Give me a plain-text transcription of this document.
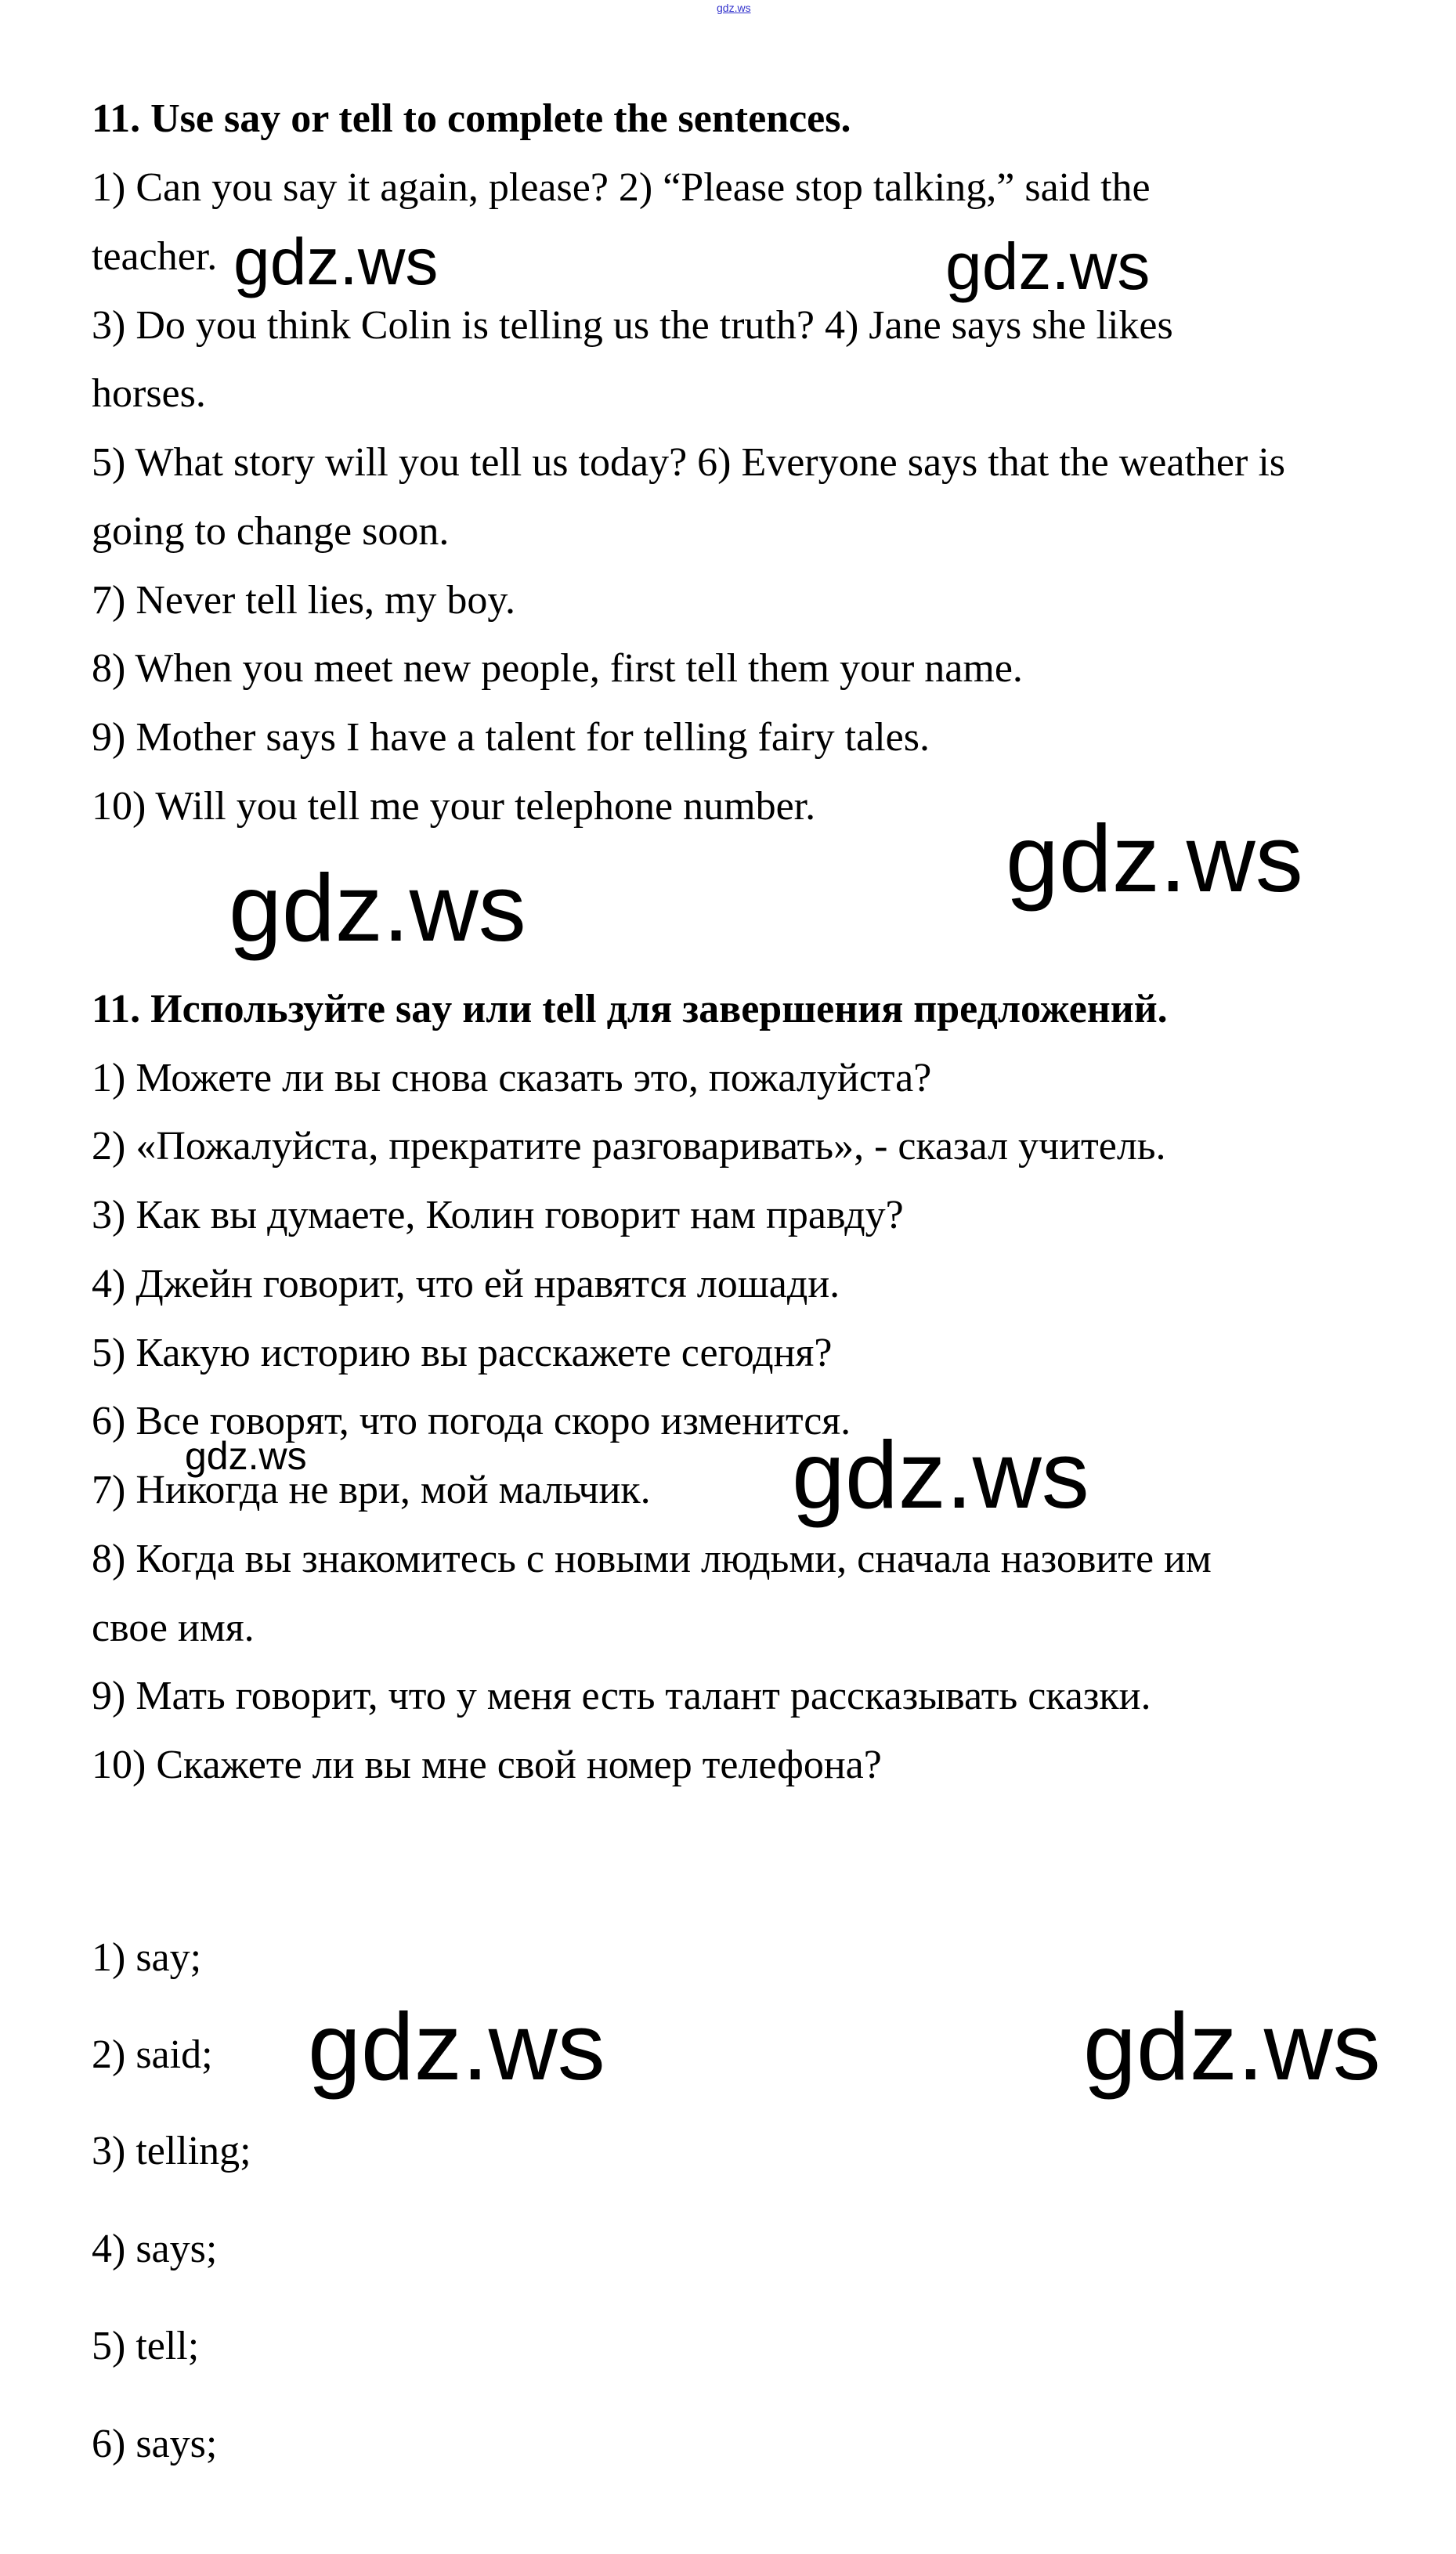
gdz.ws

11. Use say or tell to complete the sentences.

1) Can you say it again, please? 2) “Please stop talking,” said the

teacher.

3) Do you think Colin is telling us the truth? 4) Jane says she likes

horses.

5) What story will you tell us today? 6) Everyone says that the weather is

going to change soon.

7) Never tell lies, my boy.

8) When you meet new people, first tell them your name.

9) Mother says I have a talent for telling fairy tales.

10) Will you tell me your telephone number.

11. Используйте say или tell для завершения предложений.

1) Можете ли вы снова сказать это, пожалуйста?

2) «Пожалуйста, прекратите разговаривать», - сказал учитель.

3) Как вы думаете, Колин говорит нам правду?

4) Джейн говорит, что ей нравятся лошади.

5) Какую историю вы расскажете сегодня?

6) Все говорят, что погода скоро изменится.

7) Никогда не ври, мой мальчик.

8) Когда вы знакомитесь с новыми людьми, сначала назовите им

свое имя.

9) Мать говорит, что у меня есть талант рассказывать сказки.

10) Скажете ли вы мне свой номер телефона?

1) say;

2) said;

3) telling;

4) says;

5) tell;

6) says;

gdz.ws	gdz.ws
gdz.ws
gdz.ws
gdz.ws	gdz.ws
gdz.ws	gdz.ws
